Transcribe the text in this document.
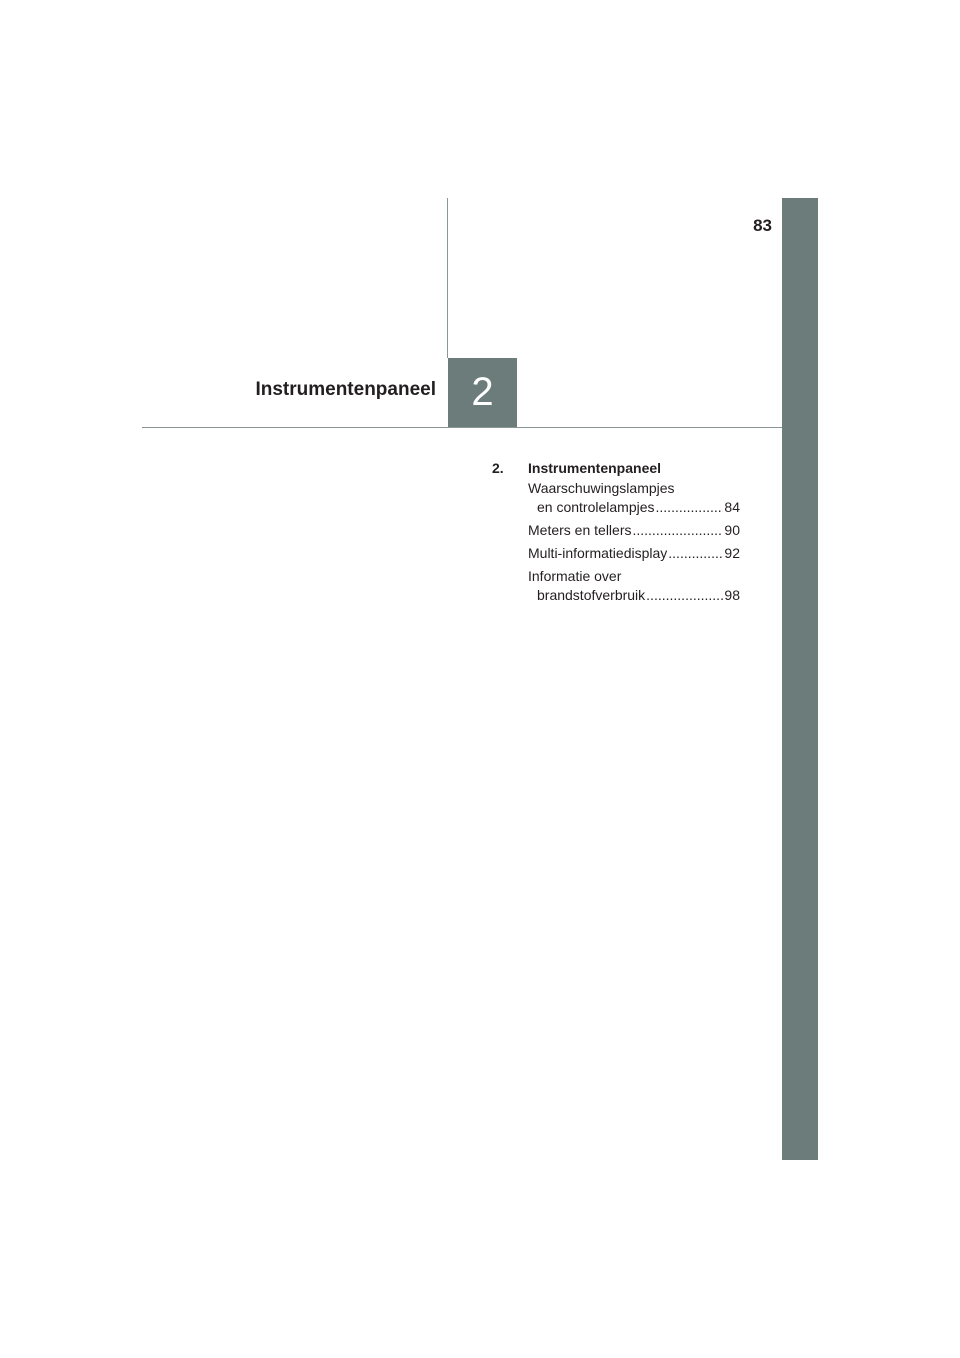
83
Instrumentenpaneel 2
2.	Instrumentenpaneel
Waarschuwingslampjes
en controlelampjes .....	84
Meters en tellers .....	90
Multi-informatiedisplay .....	92
Informatie over
brandstofverbruik .....	98
